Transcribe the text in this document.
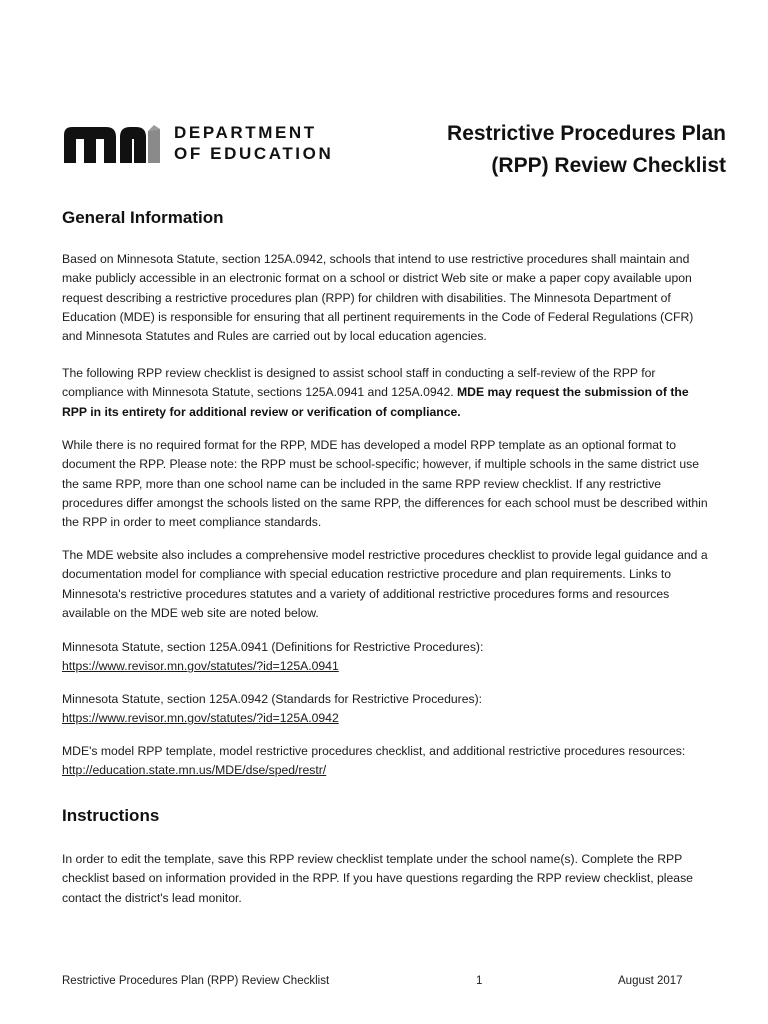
DEPARTMENT
OF EDUCATION
Restrictive Procedures Plan
(RPP) Review Checklist
General Information
Based on Minnesota Statute, section 125A.0942, schools that intend to use restrictive procedures shall maintain and make publicly accessible in an electronic format on a school or district Web site or make a paper copy available upon request describing a restrictive procedures plan (RPP) for children with disabilities. The Minnesota Department of Education (MDE) is responsible for ensuring that all pertinent requirements in the Code of Federal Regulations (CFR) and Minnesota Statutes and Rules are carried out by local education agencies.
The following RPP review checklist is designed to assist school staff in conducting a self-review of the RPP for compliance with Minnesota Statute, sections 125A.0941 and 125A.0942. MDE may request the submission of the RPP in its entirety for additional review or verification of compliance.
While there is no required format for the RPP, MDE has developed a model RPP template as an optional format to document the RPP. Please note: the RPP must be school-specific; however, if multiple schools in the same district use the same RPP, more than one school name can be included in the same RPP review checklist. If any restrictive procedures differ amongst the schools listed on the same RPP, the differences for each school must be described within the RPP in order to meet compliance standards.
The MDE website also includes a comprehensive model restrictive procedures checklist to provide legal guidance and a documentation model for compliance with special education restrictive procedure and plan requirements. Links to Minnesota's restrictive procedures statutes and a variety of additional restrictive procedures forms and resources available on the MDE web site are noted below.
Minnesota Statute, section 125A.0941 (Definitions for Restrictive Procedures):
https://www.revisor.mn.gov/statutes/?id=125A.0941
Minnesota Statute, section 125A.0942 (Standards for Restrictive Procedures):
https://www.revisor.mn.gov/statutes/?id=125A.0942
MDE's model RPP template, model restrictive procedures checklist, and additional restrictive procedures resources: http://education.state.mn.us/MDE/dse/sped/restr/
Instructions
In order to edit the template, save this RPP review checklist template under the school name(s). Complete the RPP checklist based on information provided in the RPP. If you have questions regarding the RPP review checklist, please contact the district's lead monitor.
Restrictive Procedures Plan (RPP) Review Checklist	1	August 2017
